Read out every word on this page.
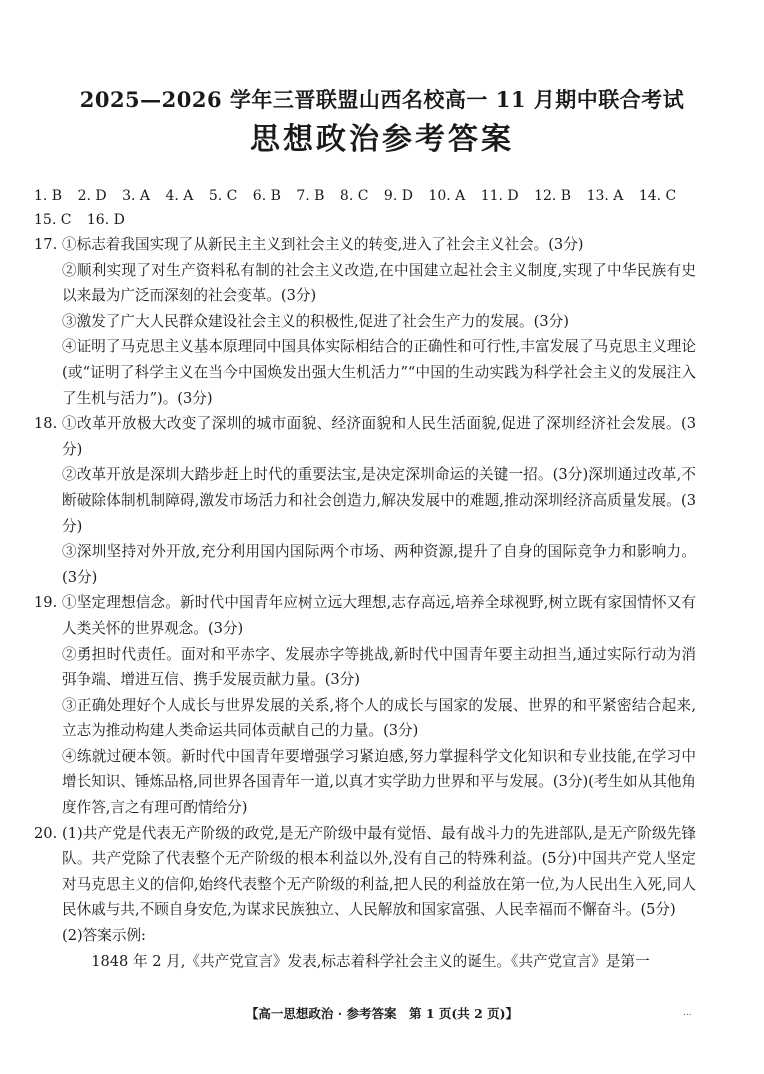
2025—2026 学年三晋联盟山西名校高一 11 月期中联合考试
思想政治参考答案
1. B 2. D 3. A 4. A 5. C 6. B 7. B 8. C 9. D 10. A 11. D 12. B 13. A 14. C 15. C 16. D
17. ①标志着我国实现了从新民主主义到社会主义的转变,进入了社会主义社会。(3分)

②顺利实现了对生产资料私有制的社会主义改造,在中国建立起社会主义制度,实现了中华民族有史以来最为广泛而深刻的社会变革。(3分)

③激发了广大人民群众建设社会主义的积极性,促进了社会生产力的发展。(3分)

④证明了马克思主义基本原理同中国具体实际相结合的正确性和可行性,丰富发展了马克思主义理论(或“证明了科学主义在当今中国焕发出强大生机活力”“中国的生动实践为科学社会主义的发展注入了生机与活力”)。(3分)

18. ①改革开放极大改变了深圳的城市面貌、经济面貌和人民生活面貌,促进了深圳经济社会发展。(3分)

②改革开放是深圳大踏步赶上时代的重要法宝,是决定深圳命运的关键一招。(3分)深圳通过改革,不断破除体制机制障碍,激发市场活力和社会创造力,解决发展中的难题,推动深圳经济高质量发展。(3分)

③深圳坚持对外开放,充分利用国内国际两个市场、两种资源,提升了自身的国际竞争力和影响力。(3分)

19. ①坚定理想信念。新时代中国青年应树立远大理想,志存高远,培养全球视野,树立既有家国情怀又有人类关怀的世界观念。(3分)

②勇担时代责任。面对和平赤字、发展赤字等挑战,新时代中国青年要主动担当,通过实际行动为消弭争端、增进互信、携手发展贡献力量。(3分)

③正确处理好个人成长与世界发展的关系,将个人的成长与国家的发展、世界的和平紧密结合起来,立志为推动构建人类命运共同体贡献自己的力量。(3分)

④练就过硬本领。新时代中国青年要增强学习紧迫感,努力掌握科学文化知识和专业技能,在学习中增长知识、锤炼品格,同世界各国青年一道,以真才实学助力世界和平与发展。(3分)(考生如从其他角度作答,言之有理可酌情给分)

20. (1)共产党是代表无产阶级的政党,是无产阶级中最有觉悟、最有战斗力的先进部队,是无产阶级先锋队。共产党除了代表整个无产阶级的根本利益以外,没有自己的特殊利益。(5分)中国共产党人坚定对马克思主义的信仰,始终代表整个无产阶级的利益,把人民的利益放在第一位,为人民出生入死,同人民休戚与共,不顾自身安危,为谋求民族独立、人民解放和国家富强、人民幸福而不懈奋斗。(5分)

(2)答案示例:

1848 年 2 月,《共产党宣言》发表,标志着科学社会主义的诞生。《共产党宣言》是第一

【高一思想政治 · 参考答案　第 1 页(共 2 页)】	...
